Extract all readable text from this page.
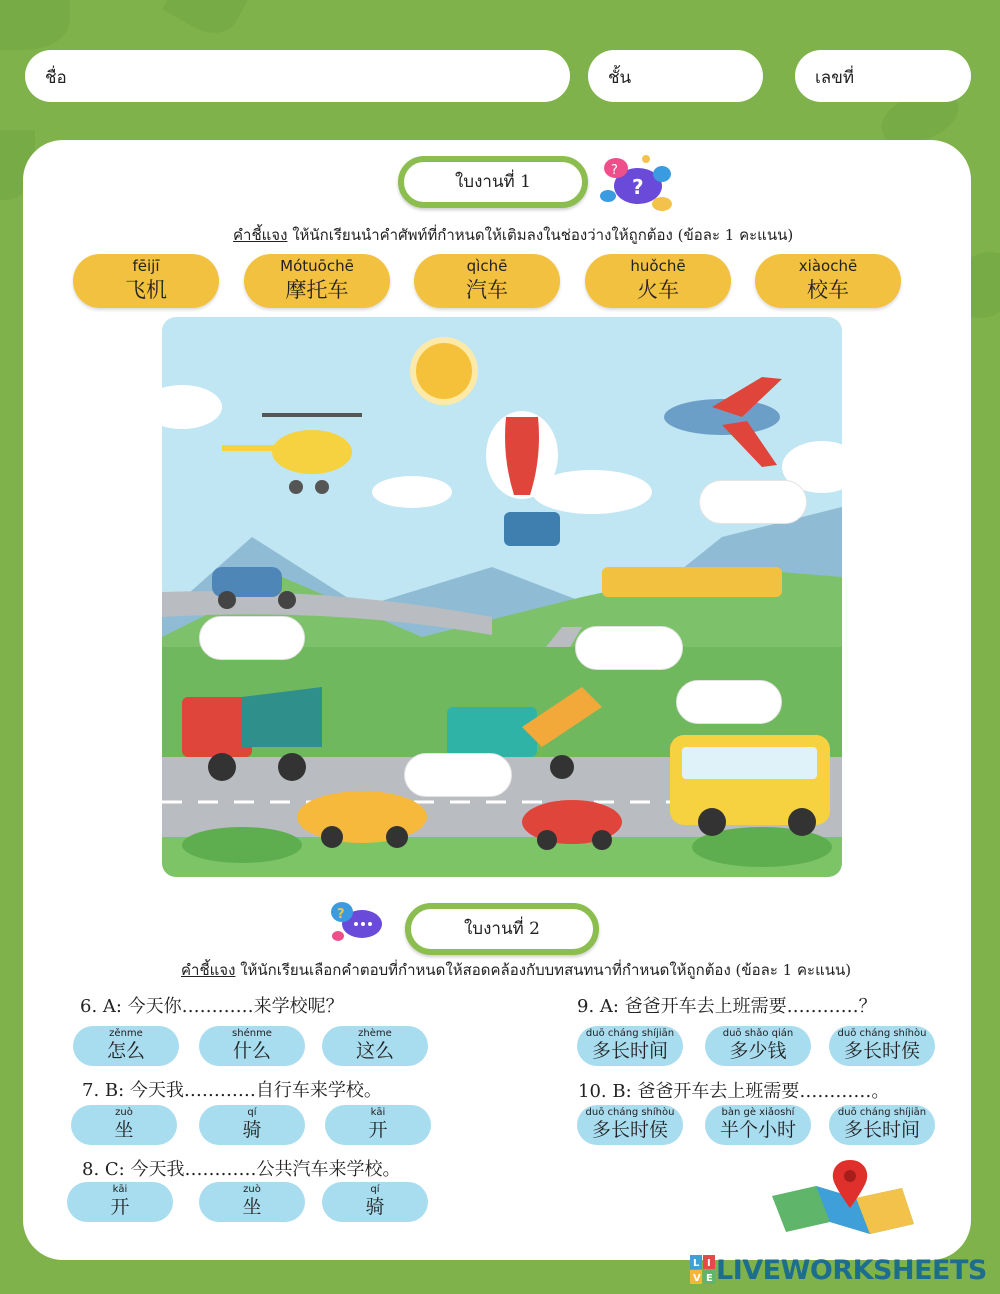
ชื่อ	ชั้น	เลขที่
ใบงานที่ 1	?
?
คำชี้แจง ให้นักเรียนนำคำศัพท์ที่กำหนดให้เติมลงในช่องว่างให้ถูกต้อง (ข้อละ 1 คะแนน)
fēijī
飞机
Mótuōchē
摩托车
qìchē
汽车
huǒchē
火车
xiàochē
校车
?
ใบงานที่ 2
คำชี้แจง ให้นักเรียนเลือกคำตอบที่กำหนดให้สอดคล้องกับบทสนทนาที่กำหนดให้ถูกต้อง (ข้อละ 1 คะแนน)
6. A: 今天你…………来学校呢？
zěnme
怎么
shénme
什么
zhème
这么
7. B: 今天我…………自行车来学校。
zuò
坐
qí
骑
kāi
开
8. C: 今天我…………公共汽车来学校。
kāi
开
zuò
坐
qí
骑
9. A: 爸爸开车去上班需要…………？
duō cháng shíjiān
多长时间
duō shǎo qián
多少钱
duō cháng shíhòu
多长时侯
10. B: 爸爸开车去上班需要…………。
duō cháng shíhòu
多长时侯
bàn gè xiǎoshí
半个小时
duō cháng shíjiān
多长时间
L I
V E LIVEWORKSHEETS
